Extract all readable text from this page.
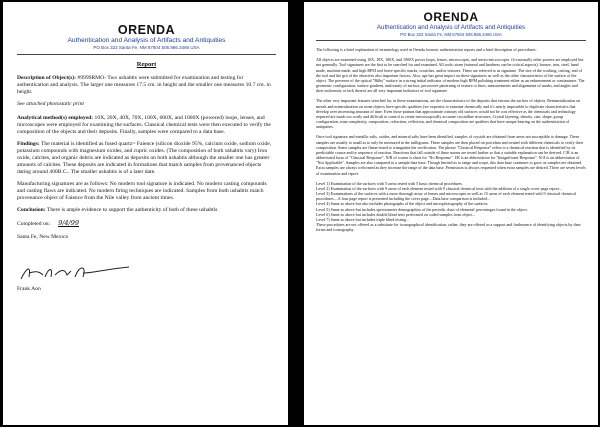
ORENDA
Authentication and Analysis of Artifacts and Antiquities
PO Box 322 Santa Fe, NM 87504 505.986.3466 USA
Report

Description of Object(s): #9999RMO- Two ushabtis were submitted for examination and testing for authentication and analysis. The larger one measures 17.5 cm. in height and the smaller one measures 10.7 cm. in height.

See attached photostatic print

Analytical method(s) employed: 10X, 20X, 40X, 70X, 100X, 600X, and 1000X (powered) loops, lenses, and microscopes were employed for examining the surfaces. Classical chemical tests were then executed to verify the composition of the objects and their deposits. Finally, samples were compared to a data base.

Findings: The material is identified as fused quartz= Faience (silicon dioxide 95%, calcium oxide, sodium oxide, potassium compounds with magnesium oxides, and cupric oxides. (The composition of both ushabtis vary) Iron oxide, calcites, and organic debris are indicated as deposits on both ushabtis although the smaller one has greater amounts of calcites. These deposits are indicated in formations that match samples from provenanced objects dating around 400B.C.. The smaller ushabtis is of a later date.

Manufacturing signatures are as follows: No modern tool signature is indicated. No modern casting compounds and casting flaws are indicated. No modern firing techniques are indicated. Samples from both ushabtis match provenance object of Faience from the Nile valley from ancient times.

Conclusion: There is ample evidence to support the authenticity of both of these ushabtis

Completed on: 9/4/99
Santa Fe, New Mexico
Frank Aon
ORENDA
Authentication and Analysis of Artifacts and Antiquities
PO Box 322 Santa Fe, NM 87504 505.986.3466 USA

The following is a brief explanation of terminology used in Orenda forensic authentication reports and a brief description of procedures:

All objects are examined using 10X, 18X, 100X, and 1000X power loops, lenses, microscopes, and stereo-microscopes. Occasionally other powers are employed but not generally. Tool signatures are the first to be searched for and examined. All tools; stone (mineral and hardness can be critical aspects), bronze, iron, steel, hand made, machine made, and high RPM tool leave specific marks, scratches, and/or textures. These are referred to as signature. The size of the working, cutting, end of the tool and the grit of the abrasives also important factors. Also, age has great impact on these signatures as well as the other characteristics of the surface of the object. The presence of the optical "Bilby" surface in a strong initial indicator of modern high RPM polishing treatment either as an enhancement or continuance. The geometric configuration, surface gradient, uniformity of surface, percussive patterning of texture or lines, measurements and alignments of marks, and angles and their uniformity or lack thereof are all very important indicators of tool signature.

The other very important features searched for, in these examinations, are the characteristics of the deposits that encrust the surface of objects. Remineralization on metals and mineralization on stone objects have specific qualities (we expertise to examine chemically and it's nearly impossible to duplicate characteristics that develop over increasing amounts of time. Even those patinas that approximate contrary old surfaces would not be cost effective as the chemicals and technology required are much too costly and difficult to control to create microscopically accurate crystalline structures. Crystal layering, density, size, shape, group configuration, zone complexity, composition, refraction, reflection, and chemical composition are qualities that have unique bearing on the authentication of antiquities.

Once tool signature and metallic salts, oxides, and mineral salts have been identified, samples of crystals are obtained from areas not susceptible to damage. These samples are usually to small as to only be measured in the milligrams. These samples are then placed on porcelain and treated with different chemicals to verify their composition. Some samples are flame tested to triangulate the verification. The phrase "Classical Response" refers to a chemical reaction that is identified by its predictable course and/or sequence of reaction. Reactions that fall outside of these norms are tested further so that a suitable explanation can be derived. C/R is an abbreviated form of "Classical Response". N/R of course is short for "No Response". I/R is an abbreviation for "Insignificant Response". N/A is an abbreviation of "Not Applicable". Samples are also compared to a sample data base. Though limited as to range and scope, this data base continues to grow as samples are obtained. Extra samples are always welcomed as they increase the range of the data base. Permission is always requested when extra samples are desired. There are seven levels of examination and report:

Level 1) Examination of the surfaces with 5 areas tested with 5 basic chemical procedures.
Level 2) Examination of the surfaces with 9 areas of each element tested with 9 classical chemical tests with the addition of a single cover page report...
Level 3) Examinations of the surfaces with a more thorough array of lenses and microscopes as well as 15 areas of each element tested with 9 classical chemical procedures....A four page report is presented including the cover page....Data base comparison is included...
Level 4) Same as above but also includes photographs of the object and microphotography of the surfaces.
Level 5) Same as above but includes spectrometer demographics of the periodic chart of elements' percentages found in the object.
Level 6) Same as above but includes double blind tests performed on coded samples from object...
Level 7) Same as above but includes triple blind testing...

These procedures are not offered as a substitute for iconographical identification, rather, they are offered as a support and furtherance of identifying objects by their forms and iconography.
